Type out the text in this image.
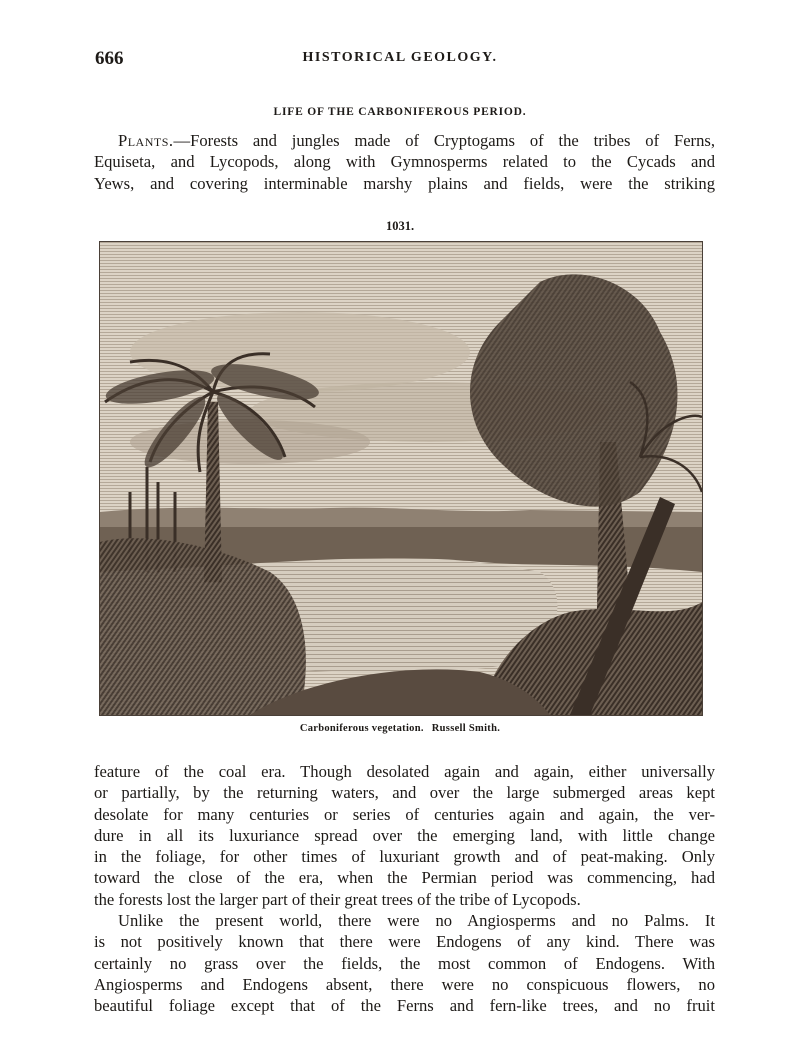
666	HISTORICAL GEOLOGY.
LIFE OF THE CARBONIFEROUS PERIOD.

Plants.—Forests and jungles made of Cryptogams of the tribes of Ferns,
Equiseta, and Lycopods, along with Gymnosperms related to the Cycads and
Yews, and covering interminable marshy plains and fields, were the striking

1031.
Carboniferous vegetation. Russell Smith.

feature of the coal era. Though desolated again and again, either universally
or partially, by the returning waters, and over the large submerged areas kept
desolate for many centuries or series of centuries again and again, the ver-
dure in all its luxuriance spread over the emerging land, with little change
in the foliage, for other times of luxuriant growth and of peat-making. Only
toward the close of the era, when the Permian period was commencing, had
the forests lost the larger part of their great trees of the tribe of Lycopods.
Unlike the present world, there were no Angiosperms and no Palms. It
is not positively known that there were Endogens of any kind. There was
certainly no grass over the fields, the most common of Endogens. With
Angiosperms and Endogens absent, there were no conspicuous flowers, no
beautiful foliage except that of the Ferns and fern-like trees, and no fruit
